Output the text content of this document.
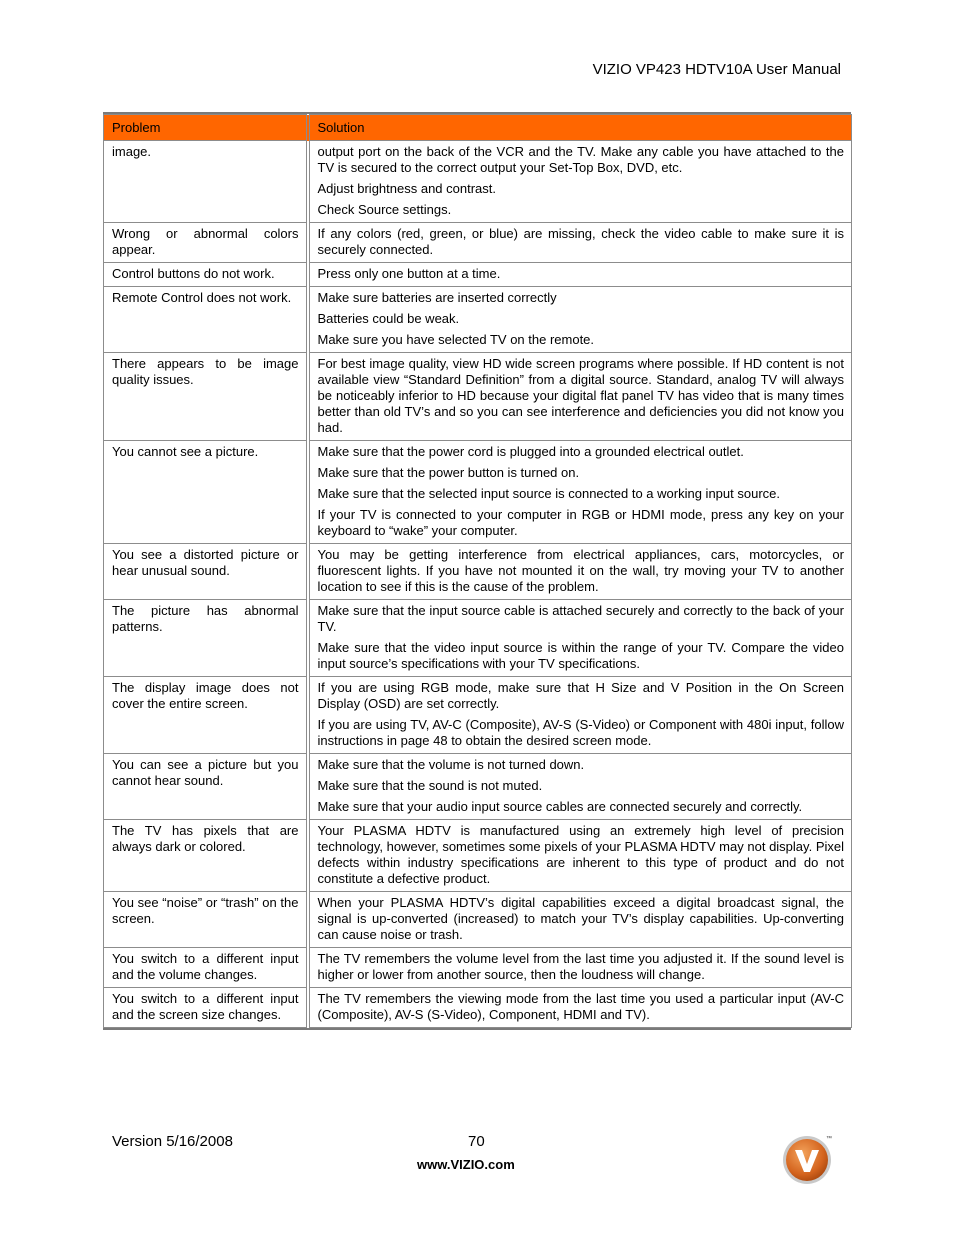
VIZIO VP423 HDTV10A User Manual
Problem	Solution
image.	output port on the back of the VCR and the TV. Make any cable you have attached to the TV is secured to the correct output your Set-Top Box, DVD, etc.

Adjust brightness and contrast.

Check Source settings.

Wrong or abnormal colors appear.	If any colors (red, green, or blue) are missing, check the video cable to make sure it is securely connected.

Control buttons do not work.	Press only one button at a time.

Remote Control does not work.	Make sure batteries are inserted correctly

Batteries could be weak.

Make sure you have selected TV on the remote.

There appears to be image quality issues.	For best image quality, view HD wide screen programs where possible. If HD content is not available view “Standard Definition” from a digital source. Standard, analog TV will always be noticeably inferior to HD because your digital flat panel TV has video that is many times better than old TV’s and so you can see interference and deficiencies you did not know you had.

You cannot see a picture.	Make sure that the power cord is plugged into a grounded electrical outlet.

Make sure that the power button is turned on.

Make sure that the selected input source is connected to a working input source.

If your TV is connected to your computer in RGB or HDMI mode, press any key on your keyboard to “wake” your computer.

You see a distorted picture or hear unusual sound.	You may be getting interference from electrical appliances, cars, motorcycles, or fluorescent lights. If you have not mounted it on the wall, try moving your TV to another location to see if this is the cause of the problem.

The picture has abnormal patterns.	Make sure that the input source cable is attached securely and correctly to the back of your TV.

Make sure that the video input source is within the range of your TV. Compare the video input source’s specifications with your TV specifications.

The display image does not cover the entire screen.	If you are using RGB mode, make sure that H Size and V Position in the On Screen Display (OSD) are set correctly.

If you are using TV, AV-C (Composite), AV-S (S-Video) or Component with 480i input, follow instructions in page 48 to obtain the desired screen mode.

You can see a picture but you cannot hear sound.	Make sure that the volume is not turned down.

Make sure that the sound is not muted.

Make sure that your audio input source cables are connected securely and correctly.

The TV has pixels that are always dark or colored.	Your PLASMA HDTV is manufactured using an extremely high level of precision technology, however, sometimes some pixels of your PLASMA HDTV may not display. Pixel defects within industry specifications are inherent to this type of product and do not constitute a defective product.

You see “noise” or “trash” on the screen.	When your PLASMA HDTV’s digital capabilities exceed a digital broadcast signal, the signal is up-converted (increased) to match your TV’s display capabilities. Up-converting can cause noise or trash.

You switch to a different input and the volume changes.	The TV remembers the volume level from the last time you adjusted it. If the sound level is higher or lower from another source, then the loudness will change.

You switch to a different input and the screen size changes.	The TV remembers the viewing mode from the last time you used a particular input (AV-C (Composite), AV-S (S-Video), Component, HDMI and TV).

Version 5/16/2008	70
www.VIZIO.com
™
